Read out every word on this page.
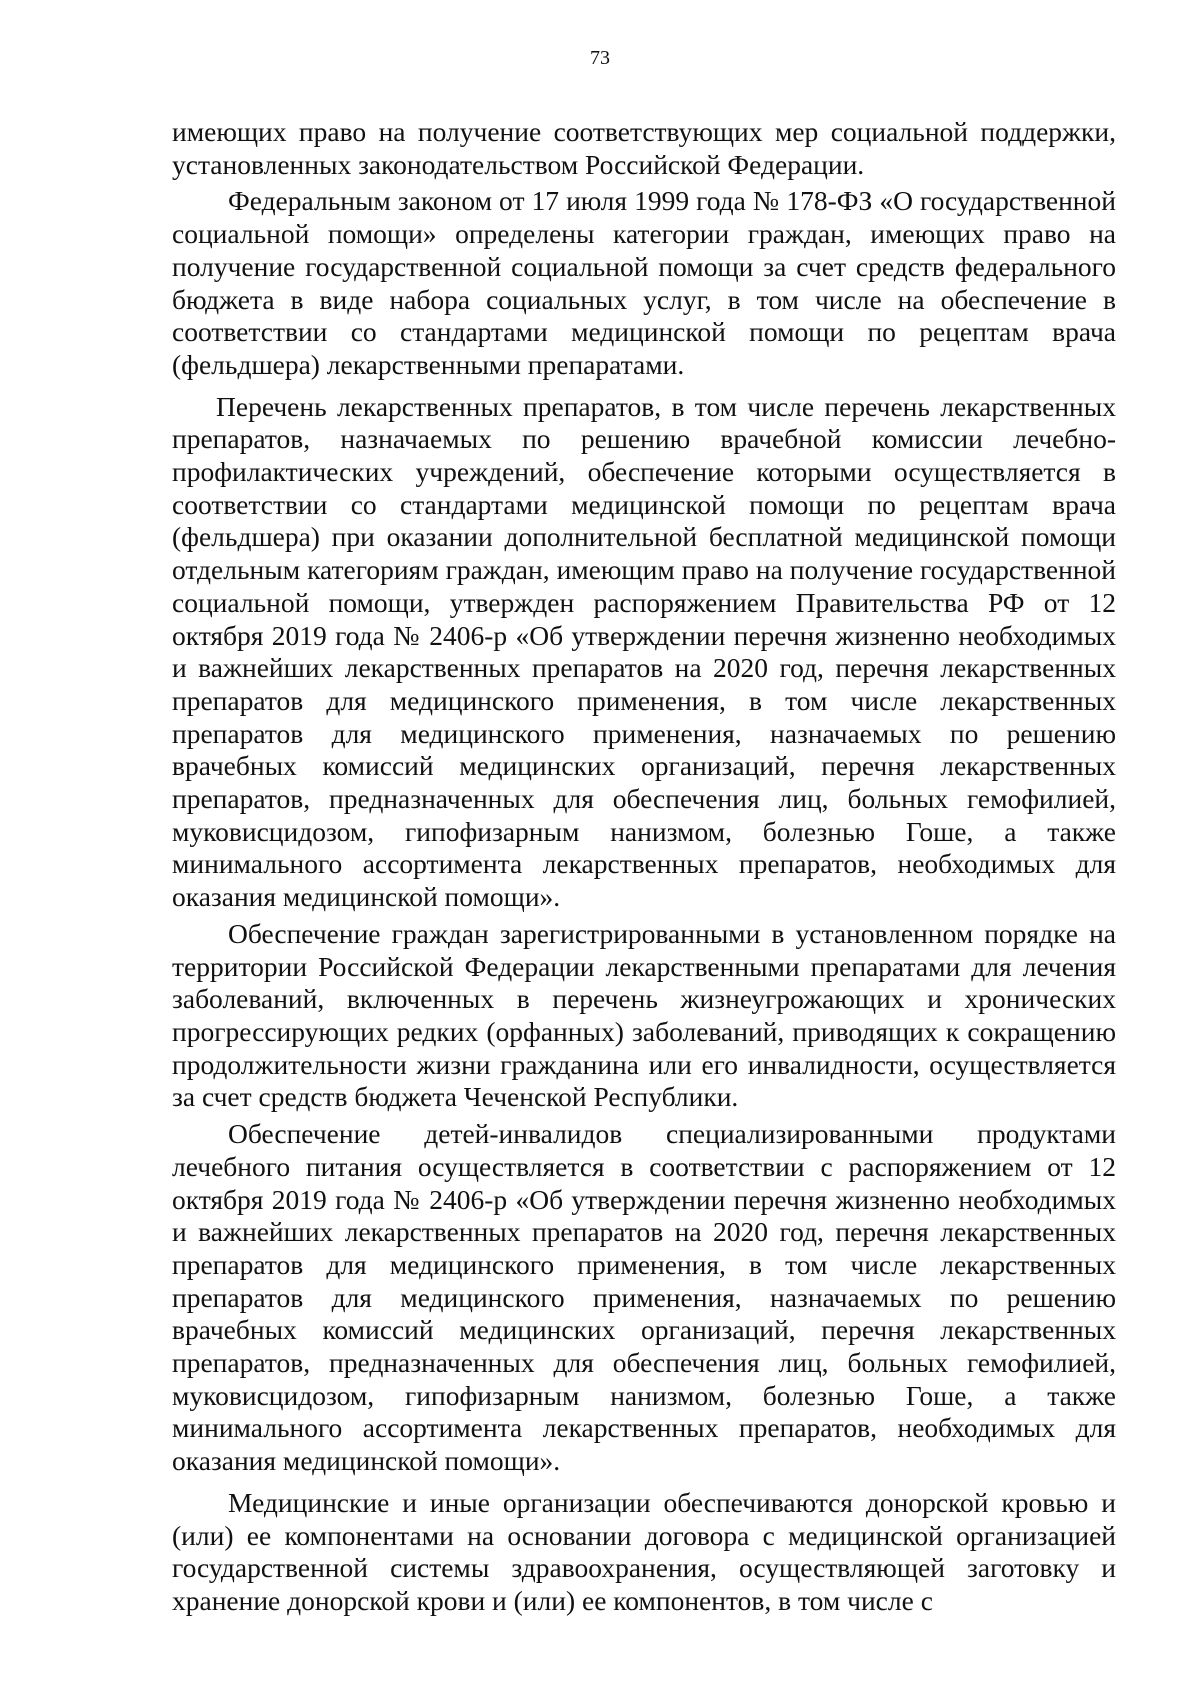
73

имеющих право на получение соответствующих мер социальной поддержки, установленных законодательством Российской Федерации.

Федеральным законом от 17 июля 1999 года № 178-ФЗ «О государственной социальной помощи» определены категории граждан, имеющих право на получение государственной социальной помощи за счет средств федерального бюджета в виде набора социальных услуг, в том числе на обеспечение в соответствии со стандартами медицинской помощи по рецептам врача (фельдшера) лекарственными препаратами.

Перечень лекарственных препаратов, в том числе перечень лекарственных препаратов, назначаемых по решению врачебной комиссии лечебно-профилактических учреждений, обеспечение которыми осуществляется в соответствии со стандартами медицинской помощи по рецептам врача (фельдшера) при оказании дополнительной бесплатной медицинской помощи отдельным категориям граждан, имеющим право на получение государственной социальной помощи, утвержден распоряжением Правительства РФ от 12 октября 2019 года № 2406-р «Об утверждении перечня жизненно необходимых и важнейших лекарственных препаратов на 2020 год, перечня лекарственных препаратов для медицинского применения, в том числе лекарственных препаратов для медицинского применения, назначаемых по решению врачебных комиссий медицинских организаций, перечня лекарственных препаратов, предназначенных для обеспечения лиц, больных гемофилией, муковисцидозом, гипофизарным нанизмом, болезнью Гоше, а также минимального ассортимента лекарственных препаратов, необходимых для оказания медицинской помощи».

Обеспечение граждан зарегистрированными в установленном порядке на территории Российской Федерации лекарственными препаратами для лечения заболеваний, включенных в перечень жизнеугрожающих и хронических прогрессирующих редких (орфанных) заболеваний, приводящих к сокращению продолжительности жизни гражданина или его инвалидности, осуществляется за счет средств бюджета Чеченской Республики.

Обеспечение детей-инвалидов специализированными продуктами лечебного питания осуществляется в соответствии с распоряжением от 12 октября 2019 года № 2406-р «Об утверждении перечня жизненно необходимых и важнейших лекарственных препаратов на 2020 год, перечня лекарственных препаратов для медицинского применения, в том числе лекарственных препаратов для медицинского применения, назначаемых по решению врачебных комиссий медицинских организаций, перечня лекарственных препаратов, предназначенных для обеспечения лиц, больных гемофилией, муковисцидозом, гипофизарным нанизмом, болезнью Гоше, а также минимального ассортимента лекарственных препаратов, необходимых для оказания медицинской помощи».

Медицинские и иные организации обеспечиваются донорской кровью и (или) ее компонентами на основании договора с медицинской организацией государственной системы здравоохранения, осуществляющей заготовку и хранение донорской крови и (или) ее компонентов, в том числе с
